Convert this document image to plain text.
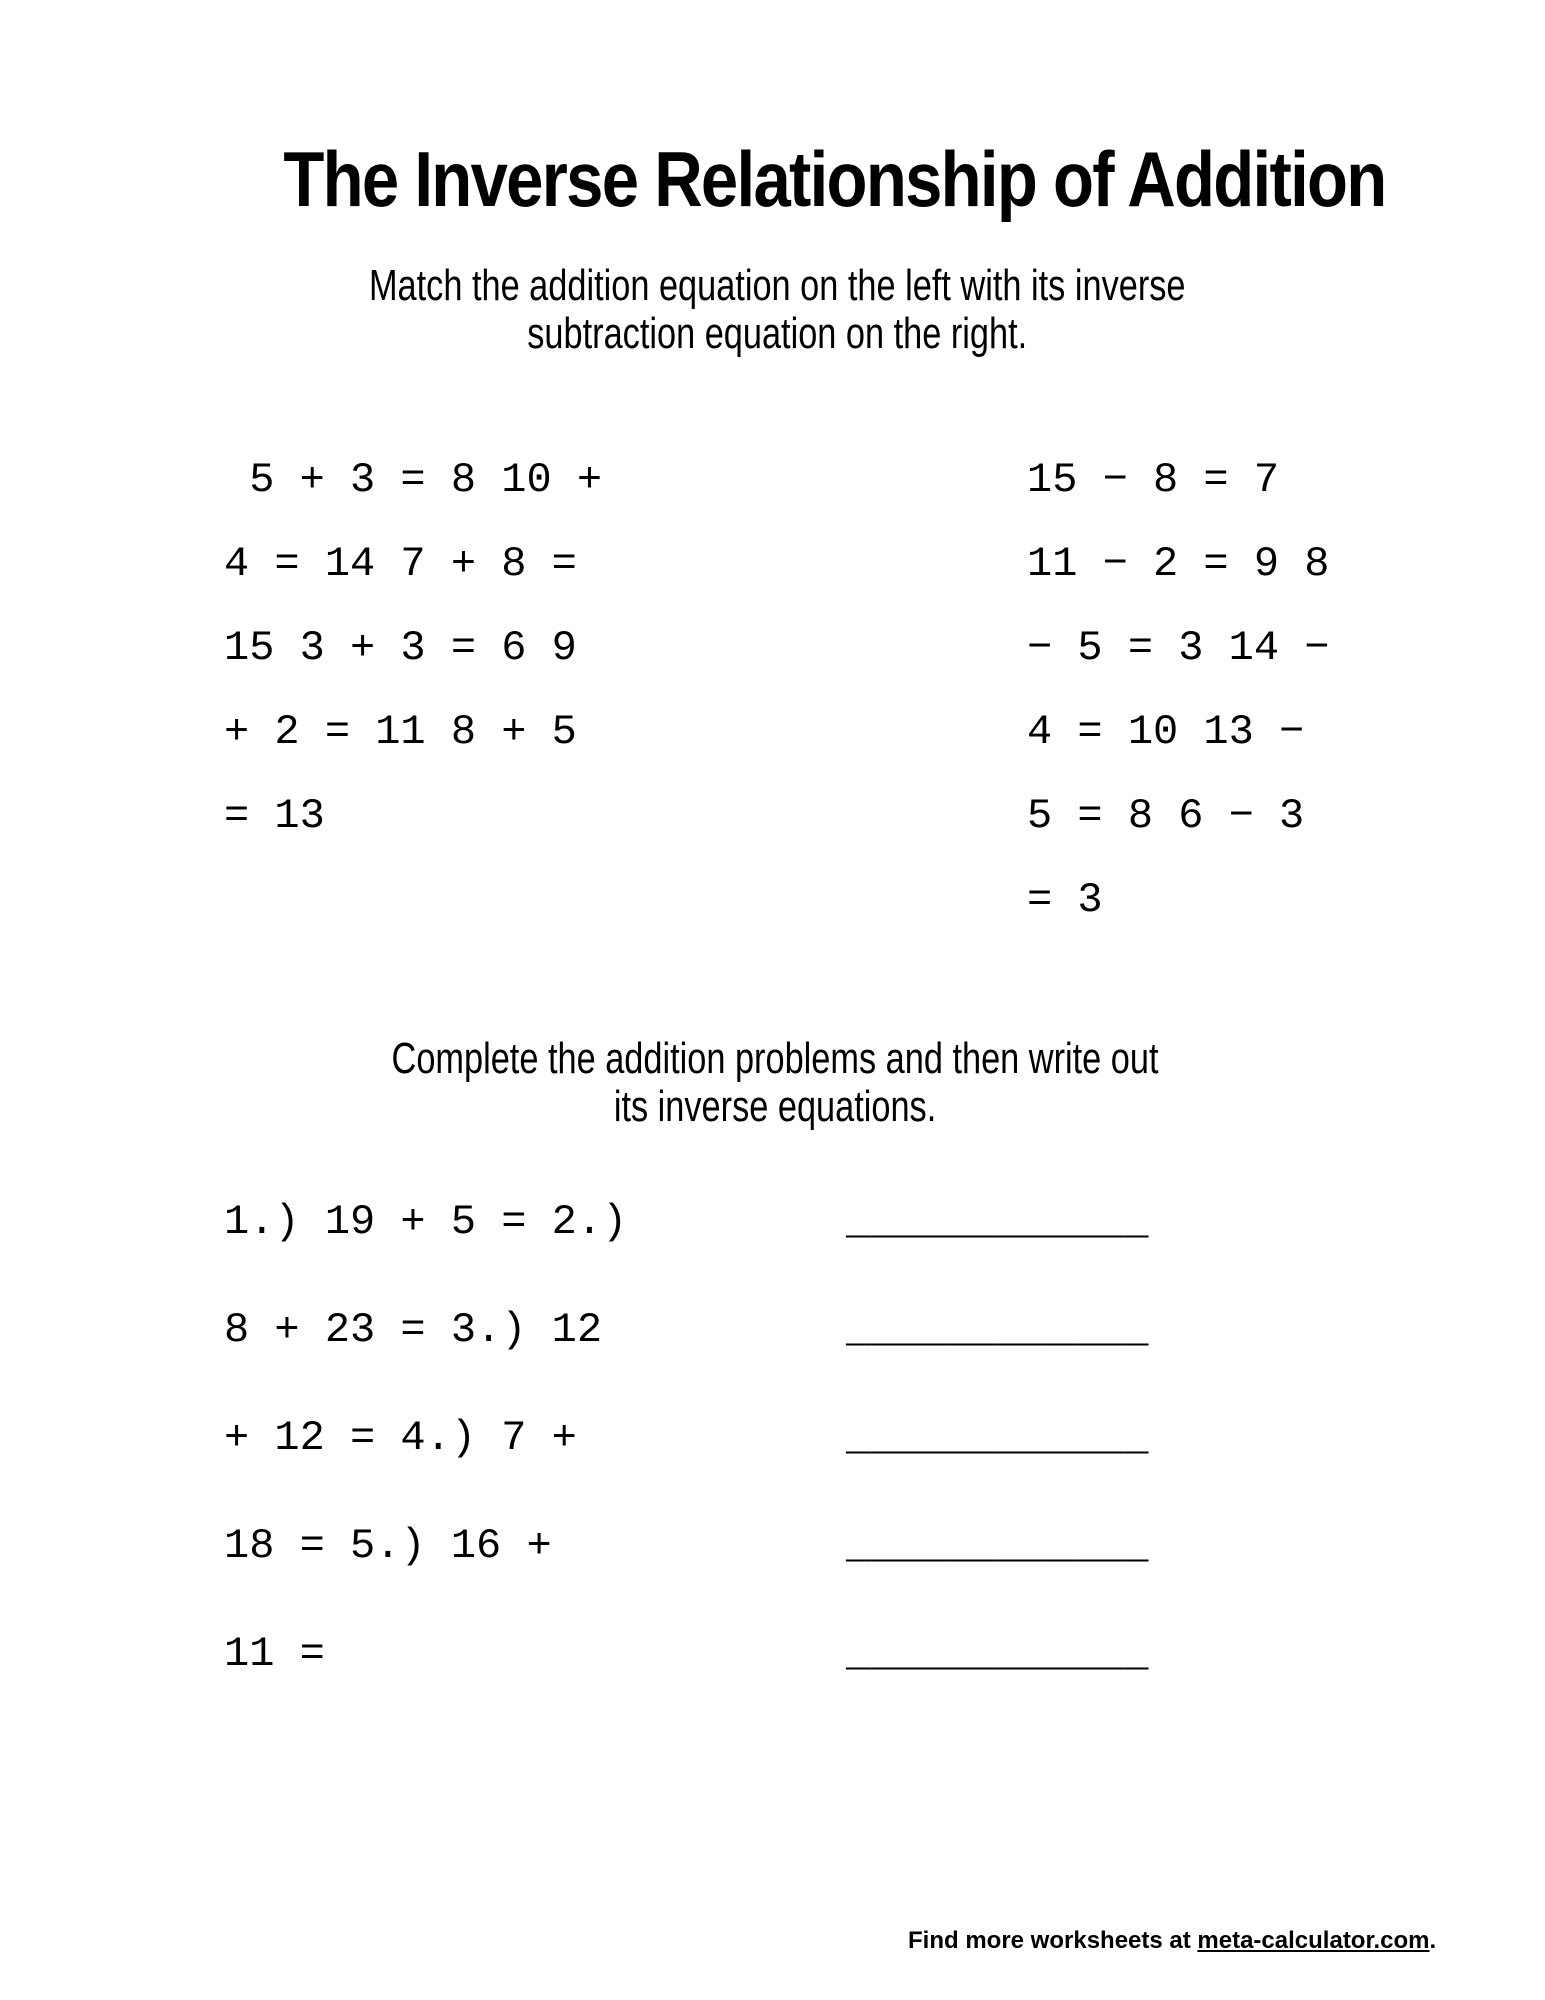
The Inverse Relationship of Addition
Match the addition equation on the left with its inverse
subtraction equation on the right.

5 + 3 = 8 10 +

4 = 14 7 + 8 =

15 3 + 3 = 6 9

+ 2 = 11 8 + 5

= 13

15 − 8 = 7

11 − 2 = 9 8

− 5 = 3 14 −

4 = 10 13 −

5 = 8 6 − 3

= 3

Complete the addition problems and then write out
its inverse equations.

1.) 19 + 5 = 2.)

8 + 23 = 3.) 12

+ 12 = 4.) 7 +

18 = 5.) 16 +

11 =

____________

____________

____________

____________

____________

Find more worksheets at meta-calculator.com.
